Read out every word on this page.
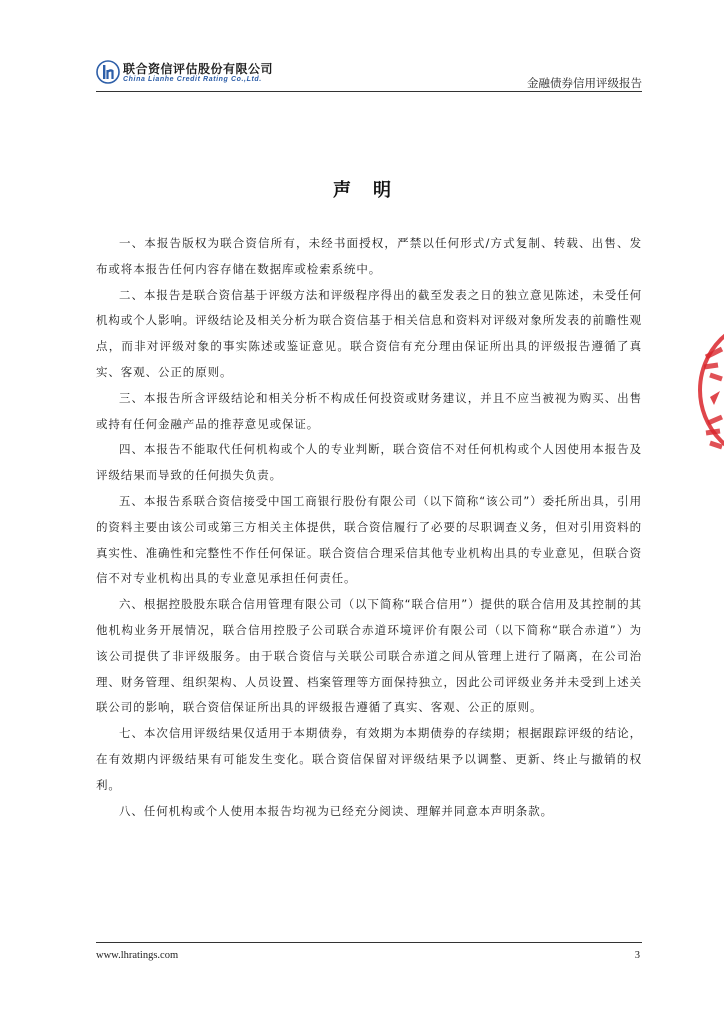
联合资信评估股份有限公司
China Lianhe Credit Rating Co.,Ltd.	金融债券信用评级报告
声明

一、本报告版权为联合资信所有，未经书面授权，严禁以任何形式/方式复制、转载、出售、发布或将本报告任何内容存储在数据库或检索系统中。

二、本报告是联合资信基于评级方法和评级程序得出的截至发表之日的独立意见陈述，未受任何机构或个人影响。评级结论及相关分析为联合资信基于相关信息和资料对评级对象所发表的前瞻性观点，而非对评级对象的事实陈述或鉴证意见。联合资信有充分理由保证所出具的评级报告遵循了真实、客观、公正的原则。

三、本报告所含评级结论和相关分析不构成任何投资或财务建议，并且不应当被视为购买、出售或持有任何金融产品的推荐意见或保证。

四、本报告不能取代任何机构或个人的专业判断，联合资信不对任何机构或个人因使用本报告及评级结果而导致的任何损失负责。

五、本报告系联合资信接受中国工商银行股份有限公司（以下简称“该公司”）委托所出具，引用的资料主要由该公司或第三方相关主体提供，联合资信履行了必要的尽职调查义务，但对引用资料的真实性、准确性和完整性不作任何保证。联合资信合理采信其他专业机构出具的专业意见，但联合资信不对专业机构出具的专业意见承担任何责任。

六、根据控股股东联合信用管理有限公司（以下简称“联合信用”）提供的联合信用及其控制的其他机构业务开展情况，联合信用控股子公司联合赤道环境评价有限公司（以下简称“联合赤道”）为该公司提供了非评级服务。由于联合资信与关联公司联合赤道之间从管理上进行了隔离，在公司治理、财务管理、组织架构、人员设置、档案管理等方面保持独立，因此公司评级业务并未受到上述关联公司的影响，联合资信保证所出具的评级报告遵循了真实、客观、公正的原则。

七、本次信用评级结果仅适用于本期债券，有效期为本期债券的存续期；根据跟踪评级的结论，在有效期内评级结果有可能发生变化。联合资信保留对评级结果予以调整、更新、终止与撤销的权利。

八、任何机构或个人使用本报告均视为已经充分阅读、理解并同意本声明条款。

www.lhratings.com	3
